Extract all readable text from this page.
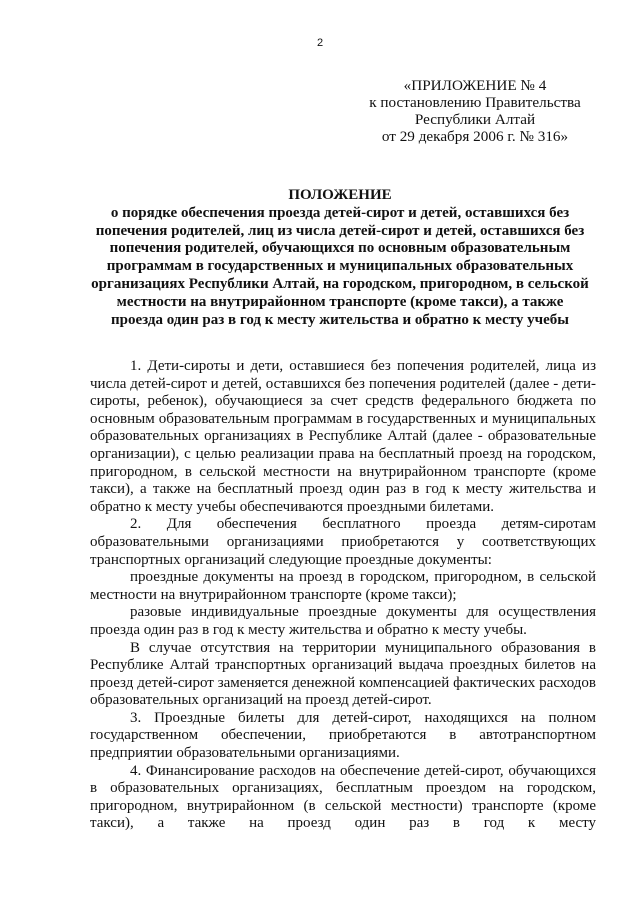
2
«ПРИЛОЖЕНИЕ № 4
к постановлению Правительства
Республики Алтай
от 29 декабря 2006 г. № 316»
ПОЛОЖЕНИЕ
о порядке обеспечения проезда детей-сирот и детей, оставшихся без
попечения родителей, лиц из числа детей-сирот и детей, оставшихся без
попечения родителей, обучающихся по основным образовательным
программам в государственных и муниципальных образовательных
организациях Республики Алтай, на городском, пригородном, в сельской
местности на внутрирайонном транспорте (кроме такси), а также
проезда один раз в год к месту жительства и обратно к месту учебы

1. Дети-сироты и дети, оставшиеся без попечения родителей, лица из числа детей-сирот и детей, оставшихся без попечения родителей (далее - дети-сироты, ребенок), обучающиеся за счет средств федерального бюджета по основным образовательным программам в государственных и муниципальных образовательных организациях в Республике Алтай (далее - образовательные организации), с целью реализации права на бесплатный проезд на городском, пригородном, в сельской местности на внутрирайонном транспорте (кроме такси), а также на бесплатный проезд один раз в год к месту жительства и обратно к месту учебы обеспечиваются проездными билетами.

2. Для обеспечения бесплатного проезда детям-сиротам образовательными организациями приобретаются у соответствующих транспортных организаций следующие проездные документы:

проездные документы на проезд в городском, пригородном, в сельской местности на внутрирайонном транспорте (кроме такси);

разовые индивидуальные проездные документы для осуществления проезда один раз в год к месту жительства и обратно к месту учебы.

В случае отсутствия на территории муниципального образования в Республике Алтай транспортных организаций выдача проездных билетов на проезд детей-сирот заменяется денежной компенсацией фактических расходов образовательных организаций на проезд детей-сирот.

3. Проездные билеты для детей-сирот, находящихся на полном государственном обеспечении, приобретаются в автотранспортном предприятии образовательными организациями.

4. Финансирование расходов на обеспечение детей-сирот, обучающихся в образовательных организациях, бесплатным проездом на городском, пригородном, внутрирайонном (в сельской местности) транспорте (кроме такси), а также на проезд один раз в год к месту
